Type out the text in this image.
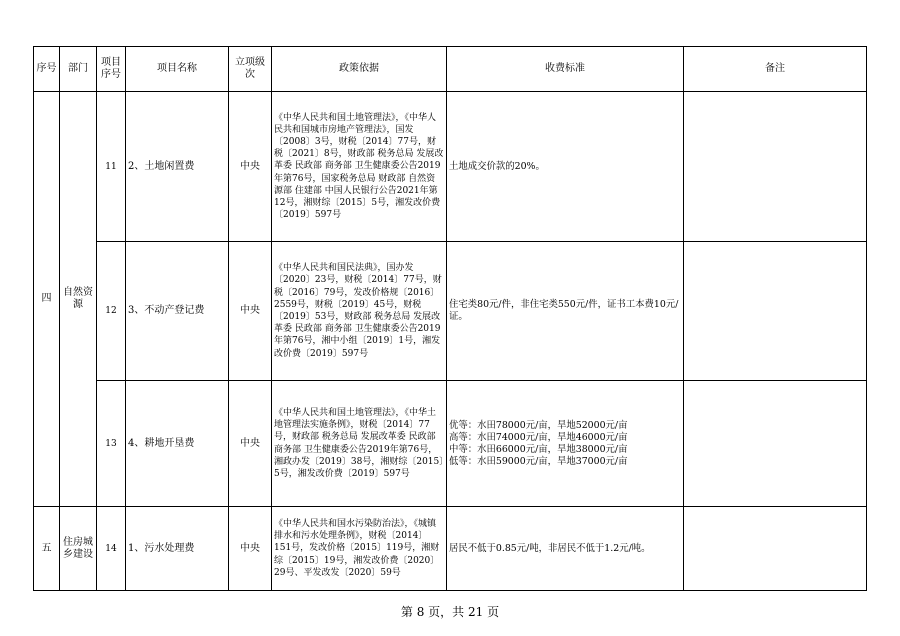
序号	部门	项目序号	项目名称	立项级次	政策依据	收费标准	备注
四	自然资源	11	2、土地闲置费	中央	《中华人民共和国土地管理法》，《中华人民共和国城市房地产管理法》，国发〔2008〕3号，财税〔2014〕77号，财税〔2021〕8号，财政部 税务总局 发展改革委 民政部 商务部 卫生健康委公告2019年第76号，国家税务总局 财政部 自然资源部 住建部 中国人民银行公告2021年第12号，湘财综〔2015〕5号，湘发改价费〔2019〕597号	土地成交价款的20%。	

		12	3、不动产登记费	中央	《中华人民共和国民法典》，国办发〔2020〕23号，财税〔2014〕77号，财税〔2016〕79号，发改价格规〔2016〕2559号，财税〔2019〕45号，财税〔2019〕53号，财政部 税务总局 发展改革委 民政部 商务部 卫生健康委公告2019年第76号，湘中小组〔2019〕1号，湘发改价费〔2019〕597号	住宅类80元/件，非住宅类550元/件，证书工本费10元/证。	

		13	4、耕地开垦费	中央	《中华人民共和国土地管理法》，《中华土地管理法实施条例》，财税〔2014〕77号，财政部 税务总局 发展改革委 民政部 商务部 卫生健康委公告2019年第76号，湘政办发〔2019〕38号，湘财综〔2015〕5号，湘发改价费〔2019〕597号	优等：水田78000元/亩，旱地52000元/亩
高等：水田74000元/亩，旱地46000元/亩
中等：水田66000元/亩，旱地38000元/亩
低等：水田59000元/亩，旱地37000元/亩	

五	住房城乡建设	14	1、污水处理费	中央	《中华人民共和国水污染防治法》，《城镇排水和污水处理条例》，财税〔2014〕151号，发改价格〔2015〕119号，湘财综〔2015〕19号，湘发改价费〔2020〕29号、平发改发〔2020〕59号	居民不低于0.85元/吨，非居民不低于1.2元/吨。	

第 8 页，共 21 页
